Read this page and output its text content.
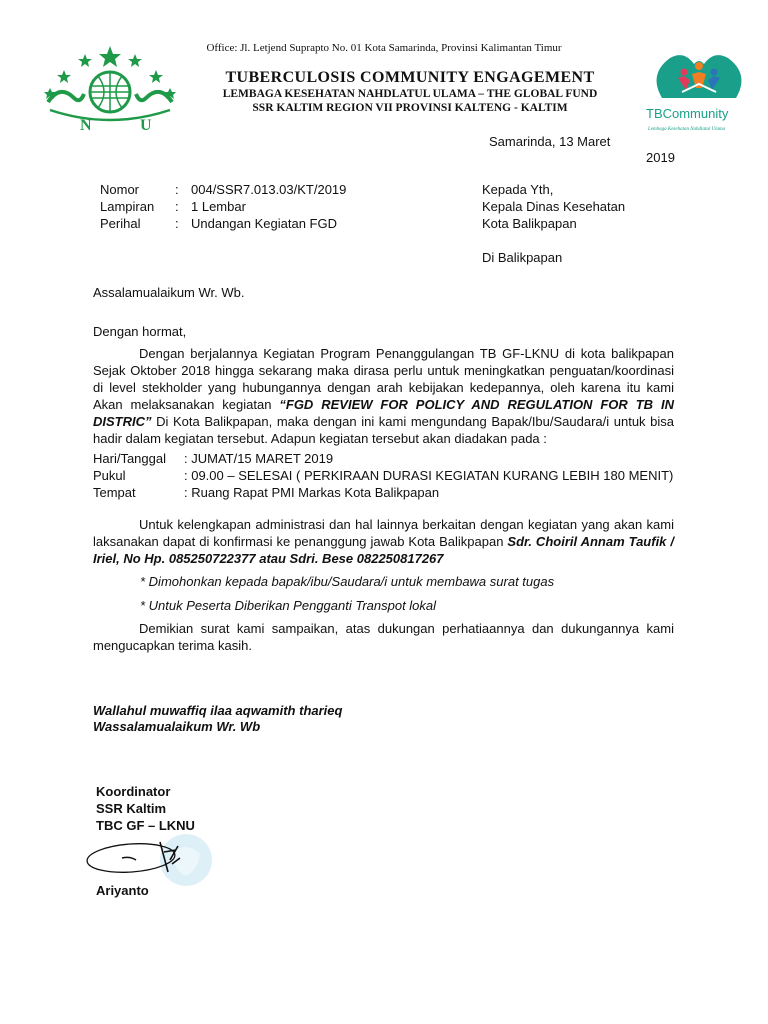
Office: Jl. Letjend Suprapto No. 01 Kota Samarinda, Provinsi Kalimantan Timur
N	U
TUBERCULOSIS COMMUNITY ENGAGEMENT
LEMBAGA KESEHATAN NAHDLATUL ULAMA – THE GLOBAL FUND
SSR KALTIM REGION VII PROVINSI KALTENG - KALTIM	TBCommunity
Lembaga Kesehatan Nahdlatul Ulama
Samarinda, 13 Maret
2019
Nomor	: 004/SSR7.013.03/KT/2019
Lampiran : 1 Lembar
Perihal	: Undangan Kegiatan FGD
Kepada Yth,
Kepala Dinas Kesehatan
Kota Balikpapan
Di Balikpapan
Assalamualaikum Wr. Wb.
Dengan hormat,
Dengan berjalannya Kegiatan Program Penanggulangan TB GF-LKNU di kota balikpapan Sejak Oktober 2018 hingga sekarang maka dirasa perlu untuk meningkatkan penguatan/koordinasi di level stekholder yang hubungannya dengan arah kebijakan kedepannya, oleh karena itu kami Akan melaksanakan kegiatan “FGD REVIEW FOR POLICY AND REGULATION FOR TB IN DISTRIC” Di Kota Balikpapan, maka dengan ini kami mengundang Bapak/Ibu/Saudara/i untuk bisa hadir dalam kegiatan tersebut. Adapun kegiatan tersebut akan diadakan pada :
Hari/Tanggal : JUMAT/15 MARET 2019
Pukul	: 09.00 – SELESAI ( PERKIRAAN DURASI KEGIATAN KURANG LEBIH 180 MENIT)
Tempat	: Ruang Rapat PMI Markas Kota Balikpapan
Untuk kelengkapan administrasi dan hal lainnya berkaitan dengan kegiatan yang akan kami laksanakan dapat di konfirmasi ke penanggung jawab Kota Balikpapan Sdr. Choiril Annam Taufik / Iriel, No Hp. 085250722377 atau Sdri. Bese 082250817267
* Dimohonkan kepada bapak/ibu/Saudara/i untuk membawa surat tugas
* Untuk Peserta Diberikan Pengganti Transpot lokal
Demikian surat kami sampaikan, atas dukungan perhatiaannya dan dukungannya kami mengucapkan terima kasih.
Wallahul muwaffiq ilaa aqwamith tharieq
Wassalamualaikum Wr. Wb
Koordinator
SSR Kaltim
TBC GF – LKNU
Ariyanto
